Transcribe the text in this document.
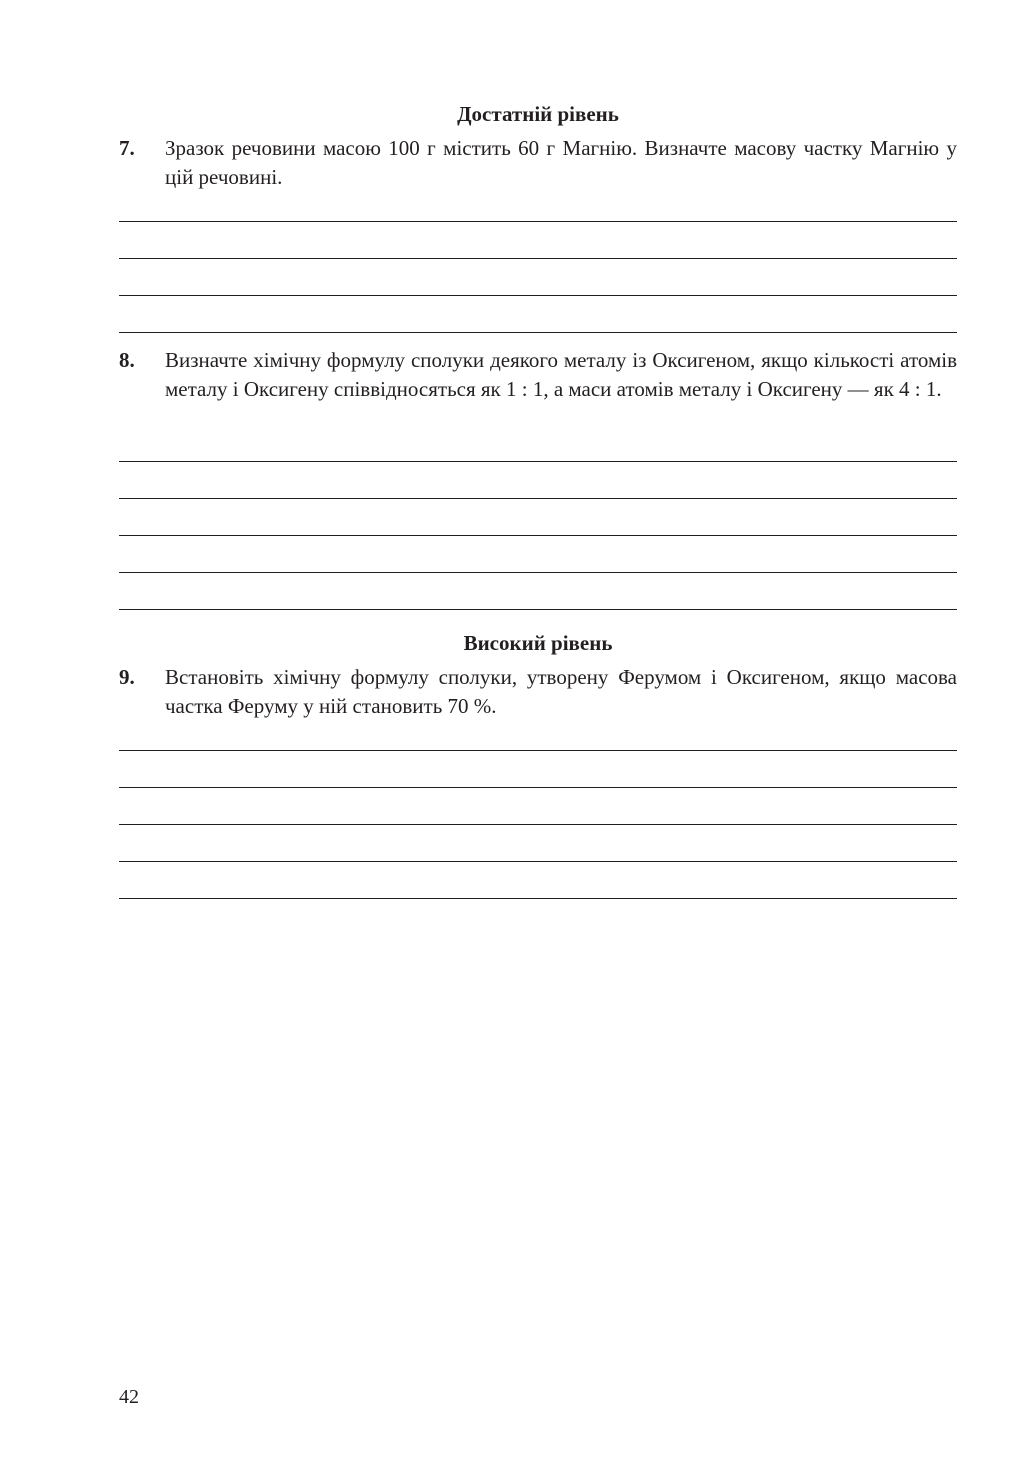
Достатній рівень
7. Зразок речовини масою 100 г містить 60 г Магнію. Визначте масову частку Магнію у цій речовині.

8. Визначте хімічну формулу сполуки деякого металу із Оксигеном, якщо кількості атомів металу і Оксигену співвідносяться як 1 : 1, а маси атомів металу і Оксигену — як 4 : 1.

Високий рівень
9. Встановіть хімічну формулу сполуки, утворену Ферумом і Оксигеном, якщо масова частка Феруму у ній становить 70 %.

42
